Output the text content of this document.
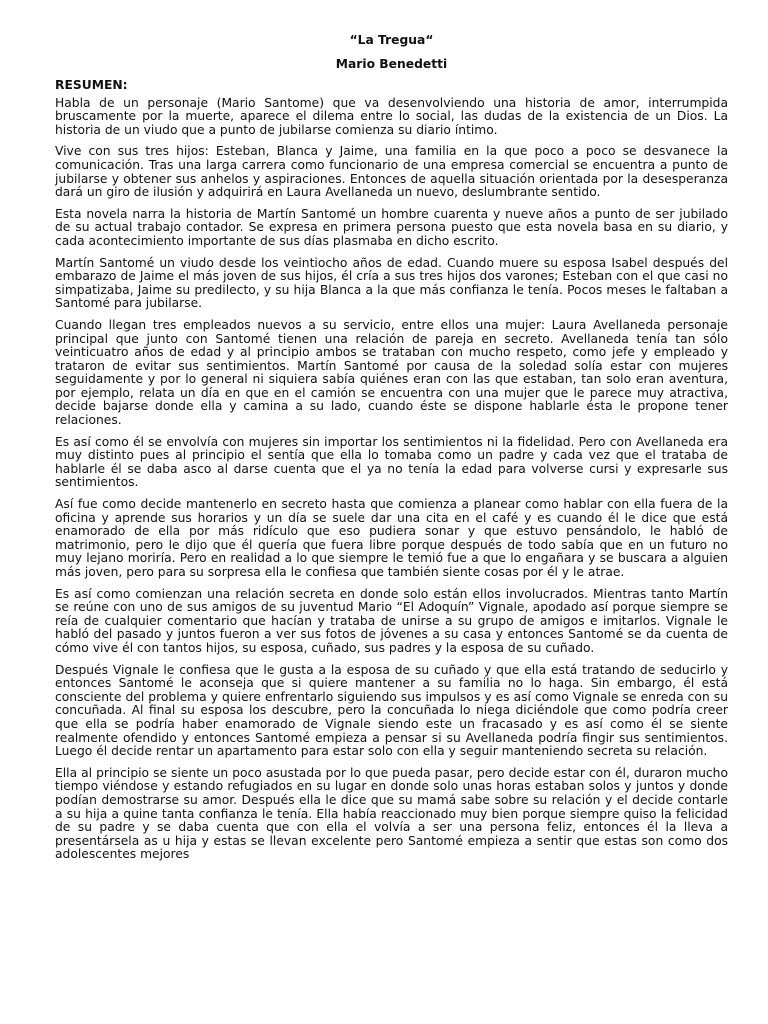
“La Tregua“

Mario Benedetti

RESUMEN:

Habla de un personaje (Mario Santome) que va desenvolviendo una historia de amor, interrumpida bruscamente por la muerte, aparece el dilema entre lo social, las dudas de la existencia de un Dios. La historia de un viudo que a punto de jubilarse comienza su diario íntimo.

Vive con sus tres hijos: Esteban, Blanca y Jaime, una familia en la que poco a poco se desvanece la comunicación. Tras una larga carrera como funcionario de una empresa comercial se encuentra a punto de jubilarse y obtener sus anhelos y aspiraciones. Entonces de aquella situación orientada por la desesperanza dará un giro de ilusión y adquirirá en Laura Avellaneda un nuevo, deslumbrante sentido.

Esta novela narra la historia de Martín Santomé un hombre cuarenta y nueve años a punto de ser jubilado de su actual trabajo contador. Se expresa en primera persona puesto que esta novela basa en su diario, y cada acontecimiento importante de sus días plasmaba en dicho escrito.

Martín Santomé un viudo desde los veintiocho años de edad. Cuando muere su esposa Isabel después del embarazo de Jaime el más joven de sus hijos, él cría a sus tres hijos dos varones; Esteban con el que casi no simpatizaba, Jaime su predilecto, y su hija Blanca a la que más confianza le tenía. Pocos meses le faltaban a Santomé para jubilarse.

Cuando llegan tres empleados nuevos a su servicio, entre ellos una mujer: Laura Avellaneda personaje principal que junto con Santomé tienen una relación de pareja en secreto. Avellaneda tenía tan sólo veinticuatro años de edad y al principio ambos se trataban con mucho respeto, como jefe y empleado y trataron de evitar sus sentimientos. Martín Santomé por causa de la soledad solía estar con mujeres seguidamente y por lo general ni siquiera sabía quiénes eran con las que estaban, tan solo eran aventura, por ejemplo, relata un día en que en el camión se encuentra con una mujer que le parece muy atractiva, decide bajarse donde ella y camina a su lado, cuando éste se dispone hablarle ésta le propone tener relaciones.

Es así como él se envolvía con mujeres sin importar los sentimientos ni la fidelidad. Pero con Avellaneda era muy distinto pues al principio el sentía que ella lo tomaba como un padre y cada vez que el trataba de hablarle él se daba asco al darse cuenta que el ya no tenía la edad para volverse cursi y expresarle sus sentimientos.

Así fue como decide mantenerlo en secreto hasta que comienza a planear como hablar con ella fuera de la oficina y aprende sus horarios y un día se suele dar una cita en el café y es cuando él le dice que está enamorado de ella por más ridículo que eso pudiera sonar y que estuvo pensándolo, le habló de matrimonio, pero le dijo que él quería que fuera libre porque después de todo sabía que en un futuro no muy lejano moriría. Pero en realidad a lo que siempre le temió fue a que lo engañara y se buscara a alguien más joven, pero para su sorpresa ella le confiesa que también siente cosas por él y le atrae.

Es así como comienzan una relación secreta en donde solo están ellos involucrados. Mientras tanto Martín se reúne con uno de sus amigos de su juventud Mario “El Adoquín” Vignale, apodado así porque siempre se reía de cualquier comentario que hacían y trataba de unirse a su grupo de amigos e imitarlos. Vignale le habló del pasado y juntos fueron a ver sus fotos de jóvenes a su casa y entonces Santomé se da cuenta de cómo vive él con tantos hijos, su esposa, cuñado, sus padres y la esposa de su cuñado.

Después Vignale le confiesa que le gusta a la esposa de su cuñado y que ella está tratando de seducirlo y entonces Santomé le aconseja que si quiere mantener a su familia no lo haga. Sin embargo, él está consciente del problema y quiere enfrentarlo siguiendo sus impulsos y es así como Vignale se enreda con su concuñada. Al final su esposa los descubre, pero la concuñada lo niega diciéndole que como podría creer que ella se podría haber enamorado de Vignale siendo este un fracasado y es así como él se siente realmente ofendido y entonces Santomé empieza a pensar si su Avellaneda podría fingir sus sentimientos. Luego él decide rentar un apartamento para estar solo con ella y seguir manteniendo secreta su relación.

Ella al principio se siente un poco asustada por lo que pueda pasar, pero decide estar con él, duraron mucho tiempo viéndose y estando refugiados en su lugar en donde solo unas horas estaban solos y juntos y donde podían demostrarse su amor. Después ella le dice que su mamá sabe sobre su relación y el decide contarle a su hija a quine tanta confianza le tenía. Ella había reaccionado muy bien porque siempre quiso la felicidad de su padre y se daba cuenta que con ella el volvía a ser una persona feliz, entonces él la lleva a presentársela as u hija y estas se llevan excelente pero Santomé empieza a sentir que estas son como dos adolescentes mejores
